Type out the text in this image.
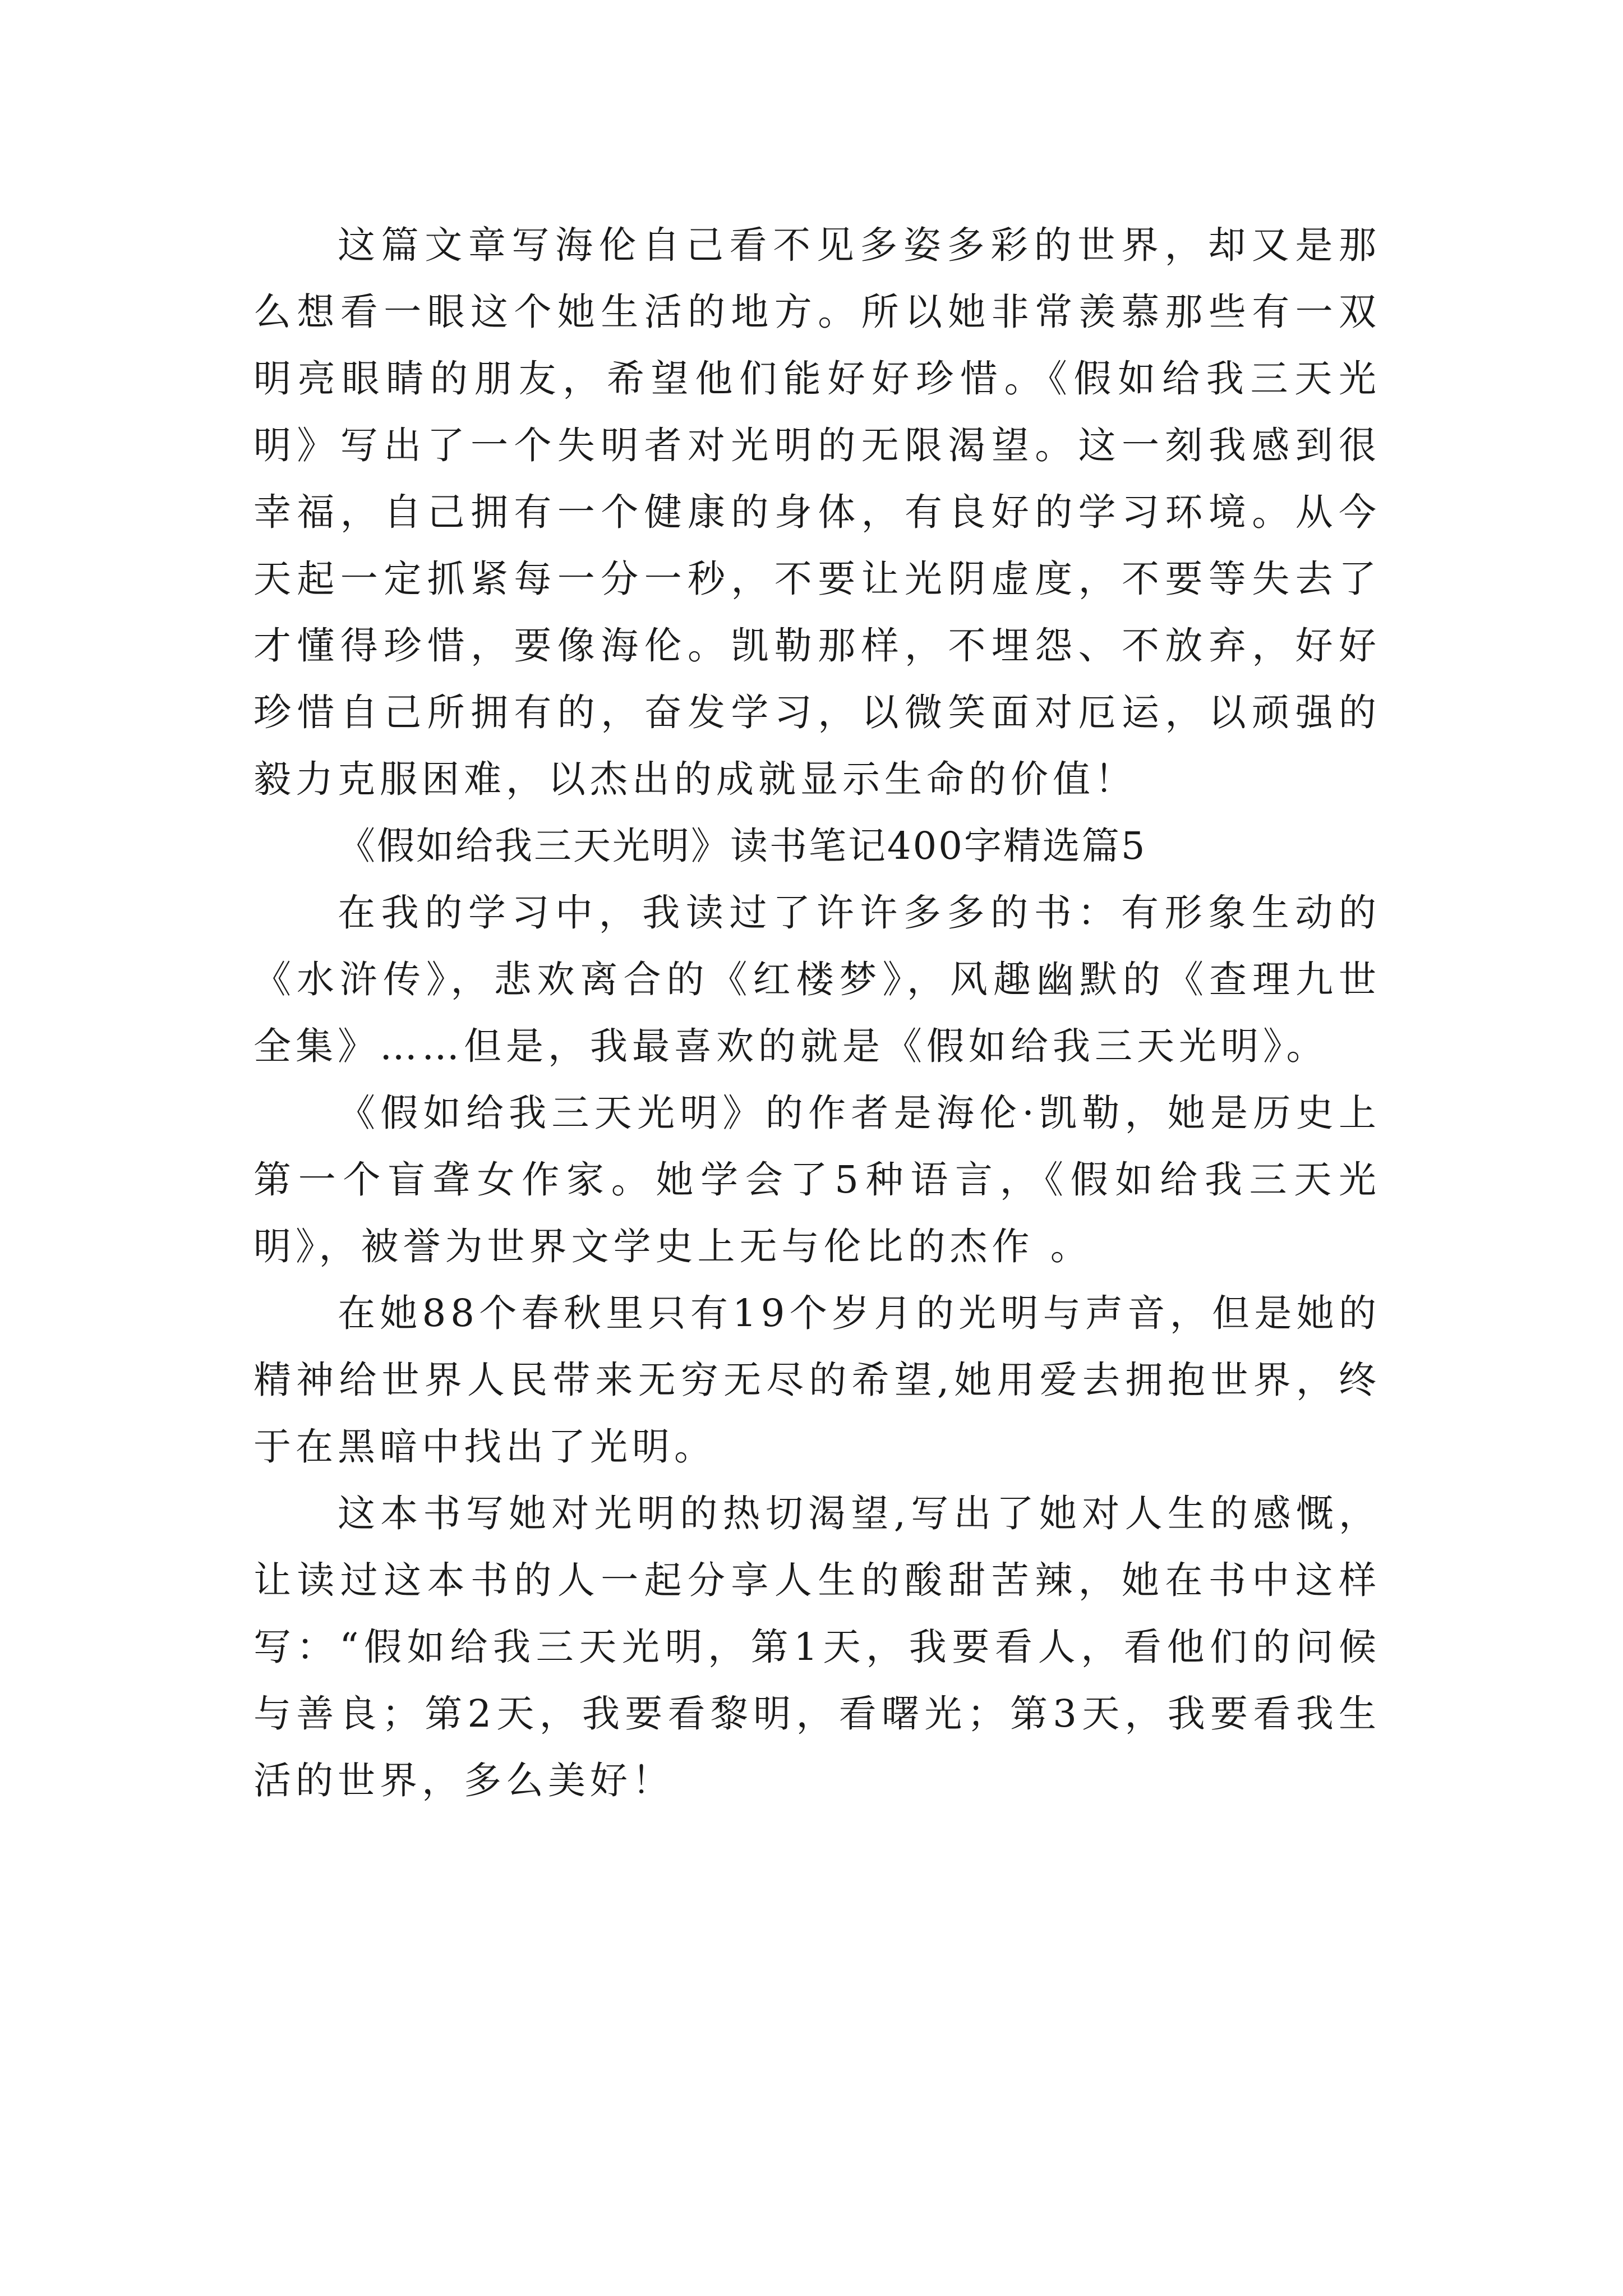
这篇文章写海伦自己看不见多姿多彩的世界，却又是那么想看一眼这个她生活的地方。所以她非常羡慕那些有一双明亮眼睛的朋友，希望他们能好好珍惜。《假如给我三天光明》写出了一个失明者对光明的无限渴望。这一刻我感到很幸福，自己拥有一个健康的身体，有良好的学习环境。从今天起一定抓紧每一分一秒，不要让光阴虚度，不要等失去了才懂得珍惜，要像海伦。凯勒那样，不埋怨、不放弃，好好珍惜自己所拥有的，奋发学习，以微笑面对厄运，以顽强的毅力克服困难，以杰出的成就显示生命的价值！

《假如给我三天光明》读书笔记400字精选篇5

在我的学习中，我读过了许许多多的书：有形象生动的《水浒传》，悲欢离合的《红楼梦》，风趣幽默的《查理九世全集》……但是，我最喜欢的就是《假如给我三天光明》。

《假如给我三天光明》的作者是海伦·凯勒，她是历史上第一个盲聋女作家。她学会了5种语言，《假如给我三天光明》，被誉为世界文学史上无与伦比的杰作 。

在她88个春秋里只有19个岁月的光明与声音，但是她的精神给世界人民带来无穷无尽的希望,她用爱去拥抱世界，终于在黑暗中找出了光明。

这本书写她对光明的热切渴望,写出了她对人生的感慨，让读过这本书的人一起分享人生的酸甜苦辣，她在书中这样写：“假如给我三天光明，第1天，我要看人，看他们的问候与善良；第2天，我要看黎明，看曙光；第3天，我要看我生活的世界，多么美好！
